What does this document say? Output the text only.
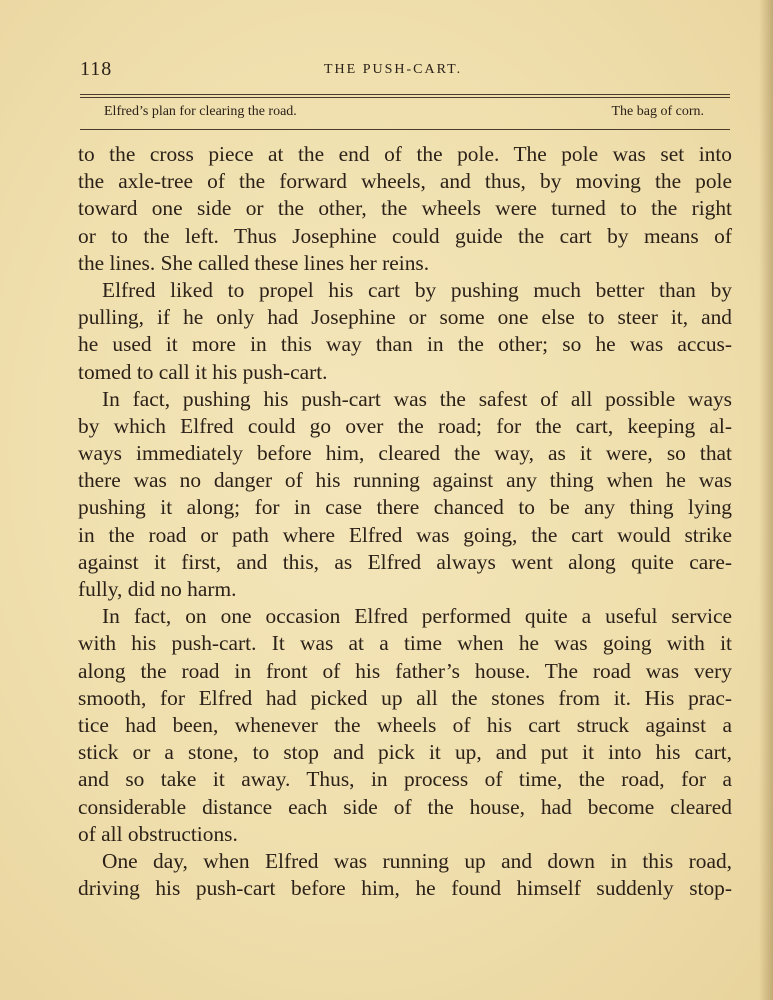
118	THE PUSH-CART.
Elfred’s plan for clearing the road.	The bag of corn.
to the cross piece at the end of the pole. The pole was set into
the axle-tree of the forward wheels, and thus, by moving the pole
toward one side or the other, the wheels were turned to the right
or to the left. Thus Josephine could guide the cart by means of
the lines. She called these lines her reins.
Elfred liked to propel his cart by pushing much better than by
pulling, if he only had Josephine or some one else to steer it, and
he used it more in this way than in the other; so he was accus-
tomed to call it his push-cart.
In fact, pushing his push-cart was the safest of all possible ways
by which Elfred could go over the road; for the cart, keeping al-
ways immediately before him, cleared the way, as it were, so that
there was no danger of his running against any thing when he was
pushing it along; for in case there chanced to be any thing lying
in the road or path where Elfred was going, the cart would strike
against it first, and this, as Elfred always went along quite care-
fully, did no harm.
In fact, on one occasion Elfred performed quite a useful service
with his push-cart. It was at a time when he was going with it
along the road in front of his father’s house. The road was very
smooth, for Elfred had picked up all the stones from it. His prac-
tice had been, whenever the wheels of his cart struck against a
stick or a stone, to stop and pick it up, and put it into his cart,
and so take it away. Thus, in process of time, the road, for a
considerable distance each side of the house, had become cleared
of all obstructions.
One day, when Elfred was running up and down in this road,
driving his push-cart before him, he found himself suddenly stop-
